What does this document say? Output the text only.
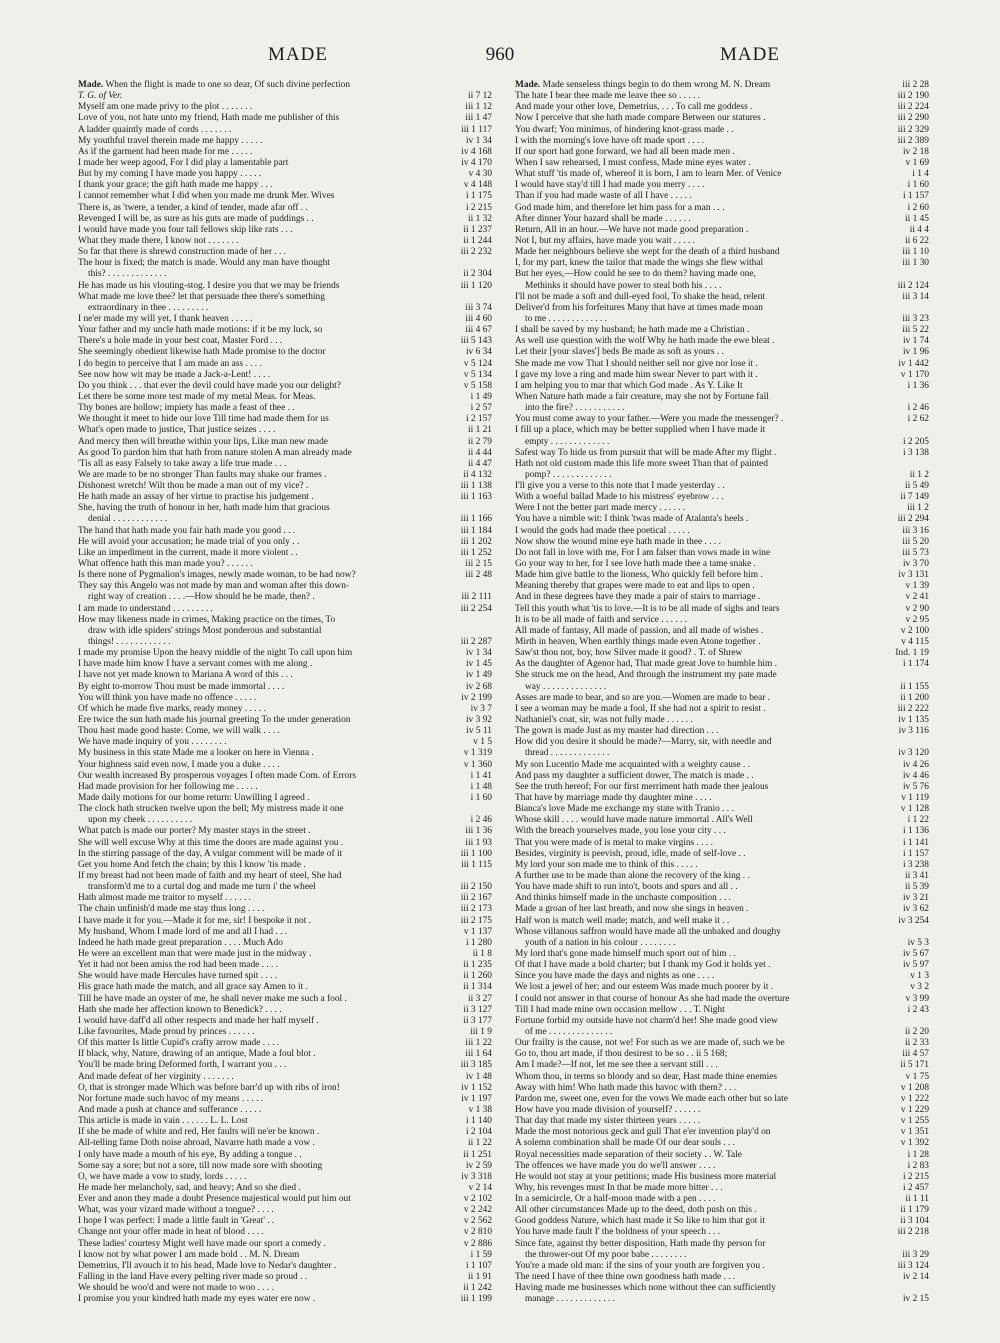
MADE	960	MADE
Made. When the flight is made to one so dear, Of such divine perfection
T. G. of Ver.	ii 7 12
Myself am one made privy to the plot . . . . . . .	iii 1 12
Love of you, not hate unto my friend, Hath made me publisher of this	iii 1 47
A ladder quaintly made of cords . . . . . . .	iii 1 117
My youthful travel therein made me happy . . . . .	iv 1 34
As if the garment had been made for me . . . . .	iv 4 168
I made her weep agood, For I did play a lamentable part	iv 4 170
But by my coming I have made you happy . . . . .	v 4 30
I thank your grace; the gift hath made me happy . . .	v 4 148
I cannot remember what I did when you made me drunk Mer. Wives	i 1 175
There is, as 'twere, a tender, a kind of tender, made afar off . .	i 2 215
Revenged I will be, as sure as his guts are made of puddings . .	ii 1 32
I would have made you four tall fellows skip like rats . . .	ii 1 237
What they made there, I know not . . . . . . .	ii 1 244
So far that there is shrewd construction made of her . . .	iii 2 232
The hour is fixed; the match is made. Would any man have thought
this? . . . . . . . . . . . . .	ii 2 304
He has made us his vlouting-stog. I desire you that we may be friends	iii 1 120
What made me love thee? let that persuade thee there's something
extraordinary in thee . . . . . . . . .	iii 3 74
I ne'er made my will yet, I thank heaven . . . . .	iii 4 60
Your father and my uncle hath made motions: if it be my luck, so	iii 4 67
There's a hole made in your best coat, Master Ford . . .	iii 5 143
She seemingly obedient likewise hath Made promise to the doctor	iv 6 34
I do begin to perceive that I am made an ass . . . .	v 5 124
See now how wit may be made a Jack-a-Lent! . . . .	v 5 134
Do you think . . . that ever the devil could have made you our delight?	v 5 158
Let there be some more test made of my metal Meas. for Meas.	i 1 49
Thy bones are hollow; impiety has made a feast of thee . .	i 2 57
We thought it meet to hide our love Till time had made them for us	i 2 157
What's open made to justice, That justice seizes . . . .	ii 1 21
And mercy then will breathe within your lips, Like man new made	ii 2 79
As good To pardon him that hath from nature stolen A man already made	ii 4 44
'Tis all as easy Falsely to take away a life true made . . .	ii 4 47
We are made to be no stronger Than faults may shake our frames .	ii 4 132
Dishonest wretch! Wilt thou be made a man out of my vice? .	iii 1 138
He hath made an assay of her virtue to practise his judgement .	iii 1 163
She, having the truth of honour in her, hath made him that gracious
denial . . . . . . . . . . . .	iii 1 166
The hand that hath made you fair hath made you good . . .	iii 1 184
He will avoid your accusation; he made trial of you only . .	iii 1 202
Like an impediment in the current, made it more violent . .	iii 1 252
What offence hath this man made you? . . . . . .	iii 2 15
Is there none of Pygmalion's images, newly made woman, to be had now?	iii 2 48
They say this Angelo was not made by man and woman after this down-
right way of creation . . . .—How should he be made, then? .	iii 2 111
I am made to understand . . . . . . . . .	iii 2 254
How may likeness made in crimes, Making practice on the times, To
draw with idle spiders' strings Most ponderous and substantial
things! . . . . . . . . . . . .	iii 2 287
I made my promise Upon the heavy middle of the night To call upon him	iv 1 34
I have made him know I have a servant comes with me along .	iv 1 45
I have not yet made known to Mariana A word of this . . .	iv 1 49
By eight to-morrow Thou must be made immortal . . . .	iv 2 68
You will think you have made no offence . . . . .	iv 2 199
Of which he made five marks, ready money . . . . .	iv 3 7
Ere twice the sun hath made his journal greeting To the under generation	iv 3 92
Thou hast made good haste: Come, we will walk . . . .	iv 5 11
We have made inquiry of you . . . . . . . .	v 1 5
My business in this state Made me a looker on here in Vienna .	v 1 319
Your highness said even now, I made you a duke . . . .	v 1 360
Our wealth increased By prosperous voyages I often made Com. of Errors	i 1 41
Had made provision for her following me . . . . .	i 1 48
Made daily motions for our home return: Unwilling I agreed .	i 1 60
The clock hath strucken twelve upon the bell; My mistress made it one
upon my cheek . . . . . . . . . .	i 2 46
What patch is made our porter? My master stays in the street .	iii 1 36
She will well excuse Why at this time the doors are made against you .	iii 1 93
In the stirring passage of the day, A vulgar comment will be made of it	iii 1 100
Get you home And fetch the chain; by this I know 'tis made .	iii 1 115
If my breast had not been made of faith and my heart of steel, She had
transform'd me to a curtal dog and made me turn i' the wheel	iii 2 150
Hath almost made me traitor to myself . . . . . .	iii 2 167
The chain unfinish'd made me stay thus long . . . .	iii 2 173
I have made it for you.—Made it for me, sir! I bespoke it not .	iii 2 175
My husband, Whom I made lord of me and all I had . . .	v 1 137
Indeed he hath made great preparation . . . . Much Ado	i 1 280
He were an excellent man that were made just in the midway .	ii 1 8
Yet it had not been amiss the rod had been made . . . .	ii 1 235
She would have made Hercules have turned spit . . . .	ii 1 260
His grace hath made the match, and all grace say Amen to it .	ii 1 314
Till he have made an oyster of me, he shall never make me such a fool .	ii 3 27
Hath she made her affection known to Benedick? . . . .	ii 3 127
I would have daff'd all other respects and made her half myself .	ii 3 177
Like favourites, Made proud by princes . . . . . .	iii 1 9
Of this matter Is little Cupid's crafty arrow made . . . .	iii 1 22
If black, why, Nature, drawing of an antique, Made a foul blot .	iii 1 64
You'll be made bring Deformed forth, I warrant you . . .	iii 3 185
And made defeat of her virginity . . . . . . .	iv 1 48
O, that is stronger made Which was before barr'd up with ribs of iron!	iv 1 152
Nor fortune made such havoc of my means . . . . .	iv 1 197
And made a push at chance and sufferance . . . . .	v 1 38
This article is made in vain . . . . . . L. L. Lost	i 1 140
If she be made of white and red, Her faults will ne'er be known .	i 2 104
All-telling fame Doth noise abroad, Navarre hath made a vow .	ii 1 22
I only have made a mouth of his eye, By adding a tongue . .	ii 1 251
Some say a sore; but not a sore, till now made sore with shooting	iv 2 59
O, we have made a vow to study, lords . . . . .	iv 3 318
He made her melancholy, sad, and heavy; And so she died .	v 2 14
Ever and anon they made a doubt Presence majestical would put him out	v 2 102
What, was your vizard made without a tongue? . . . .	v 2 242
I hope I was perfect: I made a little fault in 'Great' . .	v 2 562
Change not your offer made in heat of blood . . . .	v 2 810
These ladies' courtesy Might well have made our sport a comedy .	v 2 886
I know not by what power I am made bold . . M. N. Dream	i 1 59
Demetrius, I'll avouch it to his head, Made love to Nedar's daughter .	i 1 107
Falling in the land Have every pelting river made so proud . .	ii 1 91
We should be woo'd and were not made to woo . . . .	ii 1 242
I promise you your kindred hath made my eyes water ere now .	iii 1 199
Made. Made senseless things begin to do them wrong M. N. Dream	iii 2 28
The hate I bear thee made me leave thee so . . . . .	iii 2 190
And made your other love, Demetrius, . . . To call me goddess .	iii 2 224
Now I perceive that she hath made compare Between our statures .	iii 2 290
You dwarf; You minimus, of hindering knot-grass made . .	iii 2 329
I with the morning's love have oft made sport . . . .	iii 2 389
If our sport had gone forward, we had all been made men .	iv 2 18
When I saw rehearsed, I must confess, Made mine eyes water .	v 1 69
What stuff 'tis made of, whereof it is born, I am to learn Mer. of Venice	i 1 4
I would have stay'd till I had made you merry . . . .	i 1 60
Than if you had made waste of all I have . . . . .	i 1 157
God made him, and therefore let him pass for a man . . .	i 2 60
After dinner Your hazard shall be made . . . . . .	ii 1 45
Return, All in an hour.—We have not made good preparation .	ii 4 4
Not I, but my affairs, have made you wait . . . . .	ii 6 22
Made her neighbours believe she wept for the death of a third husband	iii 1 10
I, for my part, knew the tailor that made the wings she flew withal	iii 1 30
But her eyes,—How could he see to do them? having made one,
Methinks it should have power to steal both his . . . .	iii 2 124
I'll not be made a soft and dull-eyed fool, To shake the head, relent	iii 3 14
Deliver'd from his forfeitures Many that have at times made moan
to me . . . . . . . . . . . . .	iii 3 23
I shall be saved by my husband; he hath made me a Christian .	iii 5 22
As well use question with the wolf Why he hath made the ewe bleat .	iv 1 74
Let their [your slaves'] beds Be made as soft as yours . .	iv 1 96
She made me vow That I should neither sell nor give nor lose it .	iv 1 442
I gave my love a ring and made him swear Never to part with it .	v 1 170
I am helping you to mar that which God made . As Y. Like It	i 1 36
When Nature hath made a fair creature, may she not by Fortune fall
into the fire? . . . . . . . . . . .	i 2 46
You must come away to your father.—Were you made the messenger? .	i 2 62
I fill up a place, which may be better supplied when I have made it
empty . . . . . . . . . . . . .	i 2 205
Safest way To hide us from pursuit that will be made After my flight .	i 3 138
Hath not old custom made this life more sweet Than that of painted
pomp? . . . . . . . . . . . . .	ii 1 2
I'll give you a verse to this note that I made yesterday . .	ii 5 49
With a woeful ballad Made to his mistress' eyebrow . . .	ii 7 149
Were I not the better part made mercy . . . . . .	iii 1 2
You have a nimble wit: I think 'twas made of Atalanta's heels .	iii 2 294
I would the gods had made thee poetical . . . . .	iii 3 16
Now show the wound mine eye hath made in thee . . . .	iii 5 20
Do not fall in love with me, For I am falser than vows made in wine	iii 5 73
Go your way to her, for I see love hath made thee a tame snake .	iv 3 70
Made him give battle to the lioness, Who quickly fell before him .	iv 3 131
Meaning thereby that grapes were made to eat and lips to open .	v 1 39
And in these degrees have they made a pair of stairs to marriage .	v 2 41
Tell this youth what 'tis to love.—It is to be all made of sighs and tears	v 2 90
It is to be all made of faith and service . . . . . .	v 2 95
All made of fantasy, All made of passion, and all made of wishes .	v 2 100
Mirth in heaven, When earthly things made even Atone together .	v 4 115
Saw'st thou not, boy, how Silver made it good? . T. of Shrew	Ind. 1 19
As the daughter of Agenor had, That made great Jove to humble him .	i 1 174
She struck me on the head, And through the instrument my pate made
way . . . . . . . . . . . . . .	ii 1 155
Asses are made to bear, and so are you.—Women are made to bear .	ii 1 200
I see a woman may be made a fool, If she had not a spirit to resist .	iii 2 222
Nathaniel's coat, sir, was not fully made . . . . . .	iv 1 135
The gown is made Just as my master had direction . . .	iv 3 116
How did you desire it should be made?—Marry, sir, with needle and
thread . . . . . . . . . . . . .	iv 3 120
My son Lucentio Made me acquainted with a weighty cause . .	iv 4 26
And pass my daughter a sufficient dower, The match is made . .	iv 4 46
See the truth hereof; For our first merriment hath made thee jealous	iv 5 76
That have by marriage made thy daughter mine . . . .	v 1 119
Bianca's love Made me exchange my state with Tranio . . .	v 1 128
Whose skill . . . . would have made nature immortal . All's Well	i 1 22
With the breach yourselves made, you lose your city . . .	i 1 136
That you were made of is metal to make virgins . . . .	i 1 141
Besides, virginity is peevish, proud, idle, made of self-love . .	i 1 157
My lord your son made me to think of this . . . . .	i 3 238
A further use to be made than alone the recovery of the king . .	ii 3 41
You have made shift to run into't, boots and spurs and all . .	ii 5 39
And thinks himself made in the unchaste composition . . .	iv 3 21
Made a groan of her last breath, and now she sings in heaven .	iv 3 62
Half won is match well made; match, and well make it . .	iv 3 254
Whose villanous saffron would have made all the unbaked and doughy
youth of a nation in his colour . . . . . . . .	iv 5 3
My lord that's gone made himself much sport out of him . .	iv 5 67
Of that I have made a bold charter; but I thank my God it holds yet .	iv 5 97
Since you have made the days and nights as one . . . .	v 1 3
We lost a jewel of her; and our esteem Was made much poorer by it .	v 3 2
I could not answer in that course of honour As she had made the overture	v 3 99
Till I had made mine own occasion mellow . . . T. Night	i 2 43
Fortune forbid my outside have not charm'd her! She made good view
of me . . . . . . . . . . . . . .	ii 2 20
Our frailty is the cause, not we! For such as we are made of, such we be	ii 2 33
Go to, thou art made, if thou desirest to be so . . ii 5 168;	iii 4 57
Am I made?—If not, let me see thee a servant still . . .	ii 5 171
Whom thou, in terms so bloody and so dear, Hast made thine enemies	v 1 75
Away with him! Who hath made this havoc with them? . . .	v 1 208
Pardon me, sweet one, even for the vows We made each other but so late	v 1 222
How have you made division of yourself? . . . . . .	v 1 229
That day that made my sister thirteen years . . . . .	v 1 255
Made the most notorious geck and gull That e'er invention play'd on	v 1 351
A solemn combination shall be made Of our dear souls . . .	v 1 392
Royal necessities made separation of their society . . W. Tale	i 1 28
The offences we have made you do we'll answer . . . .	i 2 83
He would not stay at your petitions; made His business more material	i 2 215
Why, his revenges must In that be made more bitter . . .	i 2 457
In a semicircle, Or a half-moon made with a pen . . . .	ii 1 11
All other circumstances Made up to the deed, doth push on this .	ii 1 179
Good goddess Nature, which hast made it So like to him that got it	ii 3 104
You have made fault I' the boldness of your speech . . .	iii 2 218
Since fate, against thy better disposition, Hath made thy person for
the thrower-out Of my poor babe . . . . . . . .	iii 3 29
You're a made old man: if the sins of your youth are forgiven you .	iii 3 124
The need I have of thee thine own goodness hath made . . .	iv 2 14
Having made me businesses which none without thee can sufficiently
manage . . . . . . . . . . . . .	iv 2 15
